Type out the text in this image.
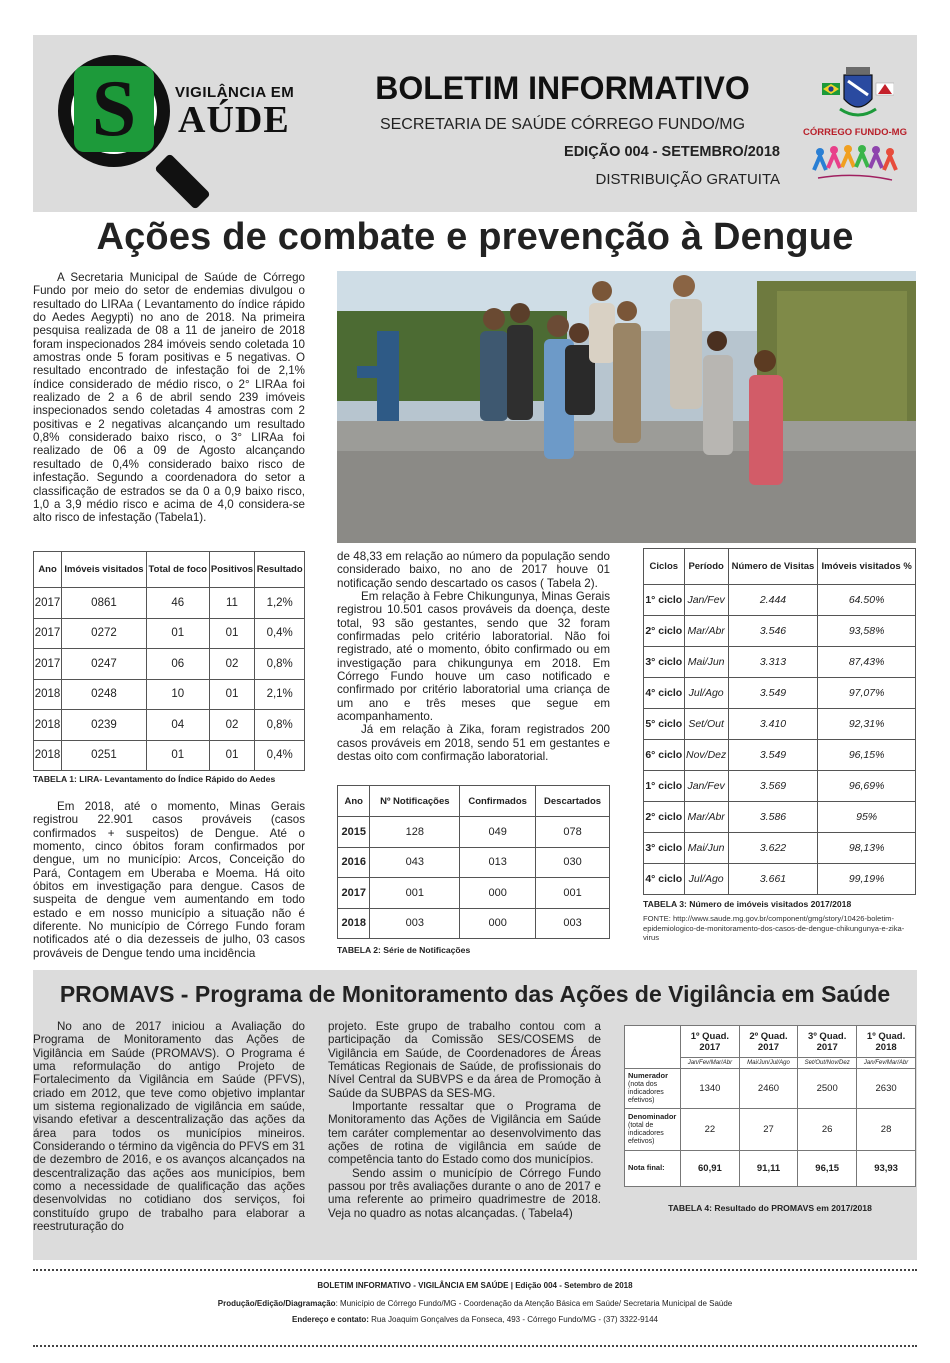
S	VIGILÂNCIA EM
AÚDE
BOLETIM INFORMATIVO
SECRETARIA DE SAÚDE CÓRREGO FUNDO/MG
EDIÇÃO 004 - SETEMBRO/2018
DISTRIBUIÇÃO GRATUITA
CÓRREGO FUNDO-MG
Ações de combate e prevenção à Dengue

A Secretaria Municipal de Saúde de Córrego Fundo por meio do setor de endemias divulgou o resultado do LIRAa ( Levantamento do índice rápido do Aedes Aegypti) no ano de 2018. Na primeira pesquisa realizada de 08 a 11 de janeiro de 2018 foram inspecionados 284 imóveis sendo coletada 10 amostras onde 5 foram positivas e 5 negativas. O resultado encontrado de infestação foi de 2,1% índice considerado de médio risco, o 2° LIRAa foi realizado de 2 a 6 de abril sendo 239 imóveis inspecionados sendo coletadas 4 amostras com 2 positivas e 2 negativas alcançando um resultado 0,8% considerado baixo risco, o 3° LIRAa foi realizado de 06 a 09 de Agosto alcançando resultado de 0,4% considerado baixo risco de infestação. Segundo a coordenadora do setor a classificação de estrados se da 0 a 0,9 baixo risco, 1,0 a 3,9 médio risco e acima de 4,0 considera-se alto risco de infestação (Tabela1).

Ano	Imóveis visitados	Total de foco	Positivos	Resultado
2017	0861	46	11	1,2%
2017	0272	01	01	0,4%
2017	0247	06	02	0,8%
2018	0248	10	01	2,1%
2018	0239	04	02	0,8%
2018	0251	01	01	0,4%
TABELA 1: LIRA- Levantamento do Índice Rápido do Aedes

Em 2018, até o momento, Minas Gerais registrou 22.901 casos prováveis (casos confirmados + suspeitos) de Dengue. Até o momento, cinco óbitos foram confirmados por dengue, um no município: Arcos, Conceição do Pará, Contagem em Uberaba e Moema. Há oito óbitos em investigação para dengue. Casos de suspeita de dengue vem aumentando em todo estado e em nosso município a situação não é diferente. No município de Córrego Fundo foram notificados até o dia dezesseis de julho, 03 casos prováveis de Dengue tendo uma incidência

de 48,33 em relação ao número da população sendo considerado baixo, no ano de 2017 houve 01 notificação sendo descartado os casos ( Tabela 2).

Em relação à Febre Chikungunya, Minas Gerais registrou 10.501 casos prováveis da doença, deste total, 93 são gestantes, sendo que 32 foram confirmadas pelo critério laboratorial. Não foi registrado, até o momento, óbito confirmado ou em investigação para chikungunya em 2018. Em Córrego Fundo houve um caso notificado e confirmado por critério laboratorial uma criança de um ano e três meses que segue em acompanhamento.

Já em relação à Zika, foram registrados 200 casos prováveis em 2018, sendo 51 em gestantes e destas oito com confirmação laboratorial.

Ano	Nº Notificações	Confirmados	Descartados
2015	128	049	078
2016	043	013	030
2017	001	000	001
2018	003	000	003
TABELA 2: Série de Notificações
Ciclos	Período	Número de Visitas	Imóveis visitados %
1° ciclo	Jan/Fev	2.444	64.50%
2° ciclo	Mar/Abr	3.546	93,58%
3° ciclo	Mai/Jun	3.313	87,43%
4° ciclo	Jul/Ago	3.549	97,07%
5° ciclo	Set/Out	3.410	92,31%
6° ciclo	Nov/Dez	3.549	96,15%
1° ciclo	Jan/Fev	3.569	96,69%
2° ciclo	Mar/Abr	3.586	95%
3° ciclo	Mai/Jun	3.622	98,13%
4° ciclo	Jul/Ago	3.661	99,19%
TABELA 3: Número de imóveis visitados 2017/2018
FONTE: http://www.saude.mg.gov.br/component/gmg/story/10426-boletim-epidemiologico-de-monitoramento-dos-casos-de-dengue-chikungunya-e-zika-virus
PROMAVS - Programa de Monitoramento das Ações de Vigilância em Saúde

No ano de 2017 iniciou a Avaliação do Programa de Monitoramento das Ações de Vigilância em Saúde (PROMAVS). O Programa é uma reformulação do antigo Projeto de Fortalecimento da Vigilância em Saúde (PFVS), criado em 2012, que teve como objetivo implantar um sistema regionalizado de vigilância em saúde, visando efetivar a descentralização das ações da área para todos os municípios mineiros. Considerando o término da vigência do PFVS em 31 de dezembro de 2016, e os avanços alcançados na descentralização das ações aos municípios, bem como a necessidade de qualificação das ações desenvolvidas no cotidiano dos serviços, foi constituído grupo de trabalho para elaborar a reestruturação do

projeto. Este grupo de trabalho contou com a participação da Comissão SES/COSEMS de Vigilância em Saúde, de Coordenadores de Áreas Temáticas Regionais de Saúde, de profissionais do Nível Central da SUBVPS e da área de Promoção à Saúde da SUBPAS da SES-MG.

Importante ressaltar que o Programa de Monitoramento das Ações de Vigilância em Saúde tem caráter complementar ao desenvolvimento das ações de rotina de vigilância em saúde de competência tanto do Estado como dos municípios.

Sendo assim o município de Córrego Fundo passou por três avaliações durante o ano de 2017 e uma referente ao primeiro quadrimestre de 2018. Veja no quadro as notas alcançadas. ( Tabela4)

	1º Quad. 2017	2º Quad. 2017	3º Quad. 2017	1º Quad. 2018
	Jan/Fev/Mar/Abr	Mai/Jun/Jul/Ago	Set/Out/Nov/Dez	Jan/Fev/Mar/Abr
Numerador
(nota dos indicadores efetivos)	1340	2460	2500	2630
Denominador
(total de indicadores efetivos)	22	27	26	28
Nota final:	60,91	91,11	96,15	93,93
TABELA 4: Resultado do PROMAVS em 2017/2018
BOLETIM INFORMATIVO - VIGILÂNCIA EM SAÚDE | Edição 004 - Setembro de 2018
Produção/Edição/Diagramação: Município de Córrego Fundo/MG - Coordenação da Atenção Básica em Saúde/ Secretaria Municipal de Saúde
Endereço e contato: Rua Joaquim Gonçalves da Fonseca, 493 - Córrego Fundo/MG - (37) 3322-9144
